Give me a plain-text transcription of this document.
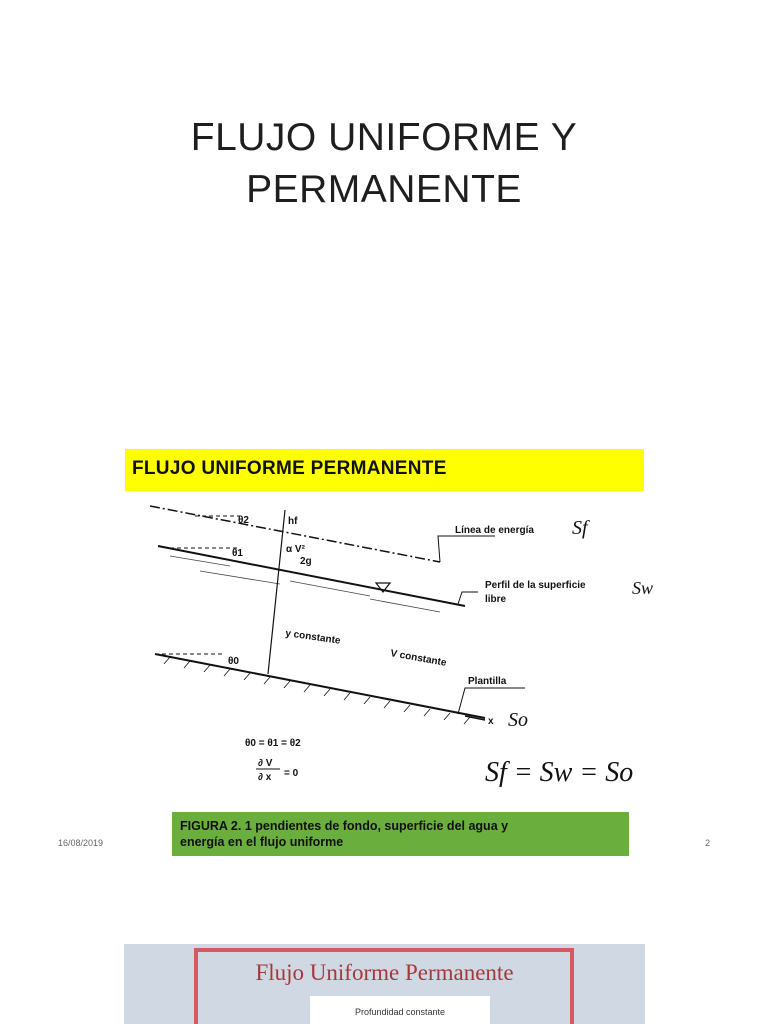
FLUJO UNIFORME Y
PERMANENTE
FLUJO UNIFORME PERMANENTE
Línea de energía
Perfil de la superficie
libre
y constante
V constante
Plantilla
x
hf
θ2
θ1
θ0
α V²
2g
θ0 = θ1 = θ2
∂ V
∂ x = 0
Sf
Sw
So
Sf = Sw = So
FIGURA 2. 1 pendientes de fondo, superficie del agua y
energía en el flujo uniforme
16/08/2019	2
Flujo Uniforme Permanente
Profundidad constante
